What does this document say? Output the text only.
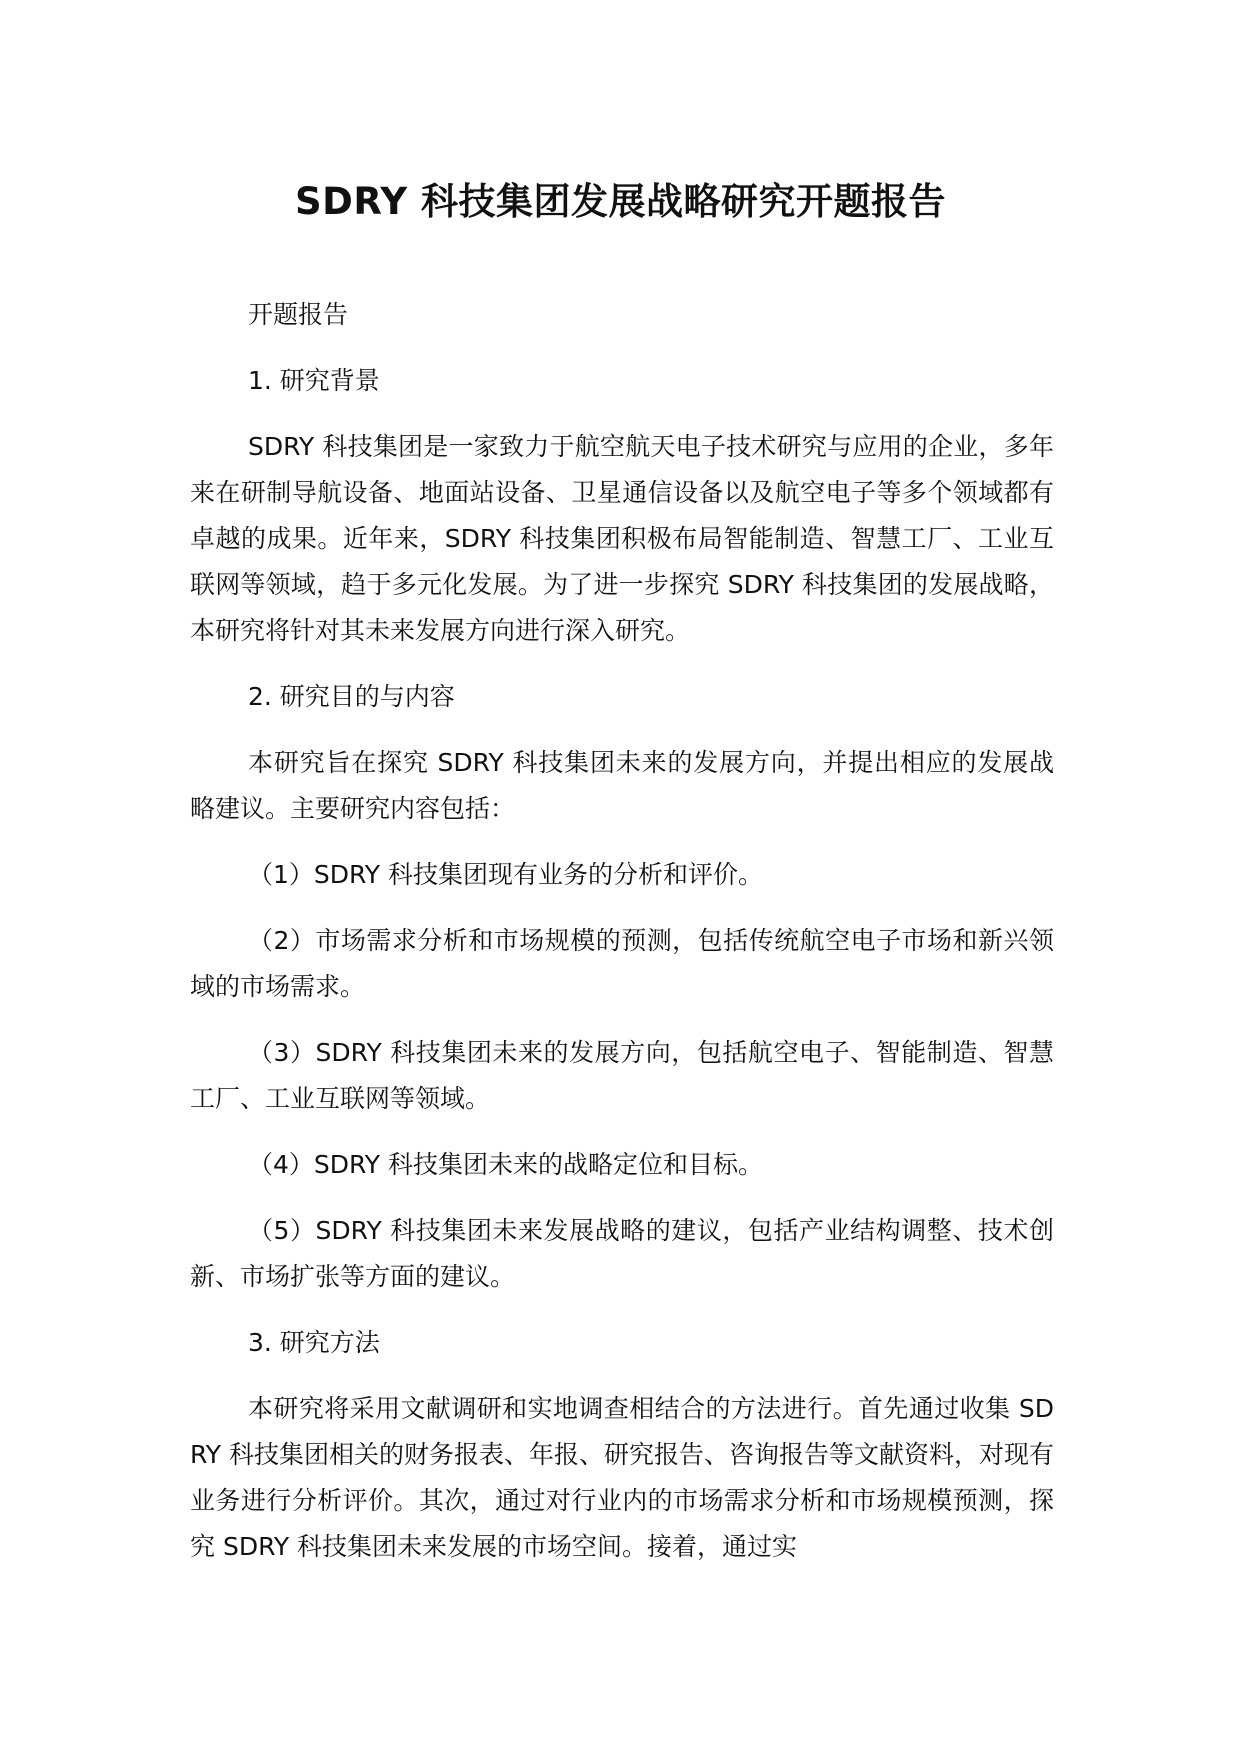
SDRY 科技集团发展战略研究开题报告

开题报告

1. 研究背景

SDRY 科技集团是一家致力于航空航天电子技术研究与应用的企业，多年来在研制导航设备、地面站设备、卫星通信设备以及航空电子等多个领域都有卓越的成果。近年来，SDRY 科技集团积极布局智能制造、智慧工厂、工业互联网等领域，趋于多元化发展。为了进一步探究 SDRY 科技集团的发展战略，本研究将针对其未来发展方向进行深入研究。

2. 研究目的与内容

本研究旨在探究 SDRY 科技集团未来的发展方向，并提出相应的发展战略建议。主要研究内容包括：

（1）SDRY 科技集团现有业务的分析和评价。

（2）市场需求分析和市场规模的预测，包括传统航空电子市场和新兴领域的市场需求。

（3）SDRY 科技集团未来的发展方向，包括航空电子、智能制造、智慧工厂、工业互联网等领域。

（4）SDRY 科技集团未来的战略定位和目标。

（5）SDRY 科技集团未来发展战略的建议，包括产业结构调整、技术创新、市场扩张等方面的建议。

3. 研究方法

本研究将采用文献调研和实地调查相结合的方法进行。首先通过收集 SDRY 科技集团相关的财务报表、年报、研究报告、咨询报告等文献资料，对现有业务进行分析评价。其次，通过对行业内的市场需求分析和市场规模预测，探究 SDRY 科技集团未来发展的市场空间。接着，通过实
